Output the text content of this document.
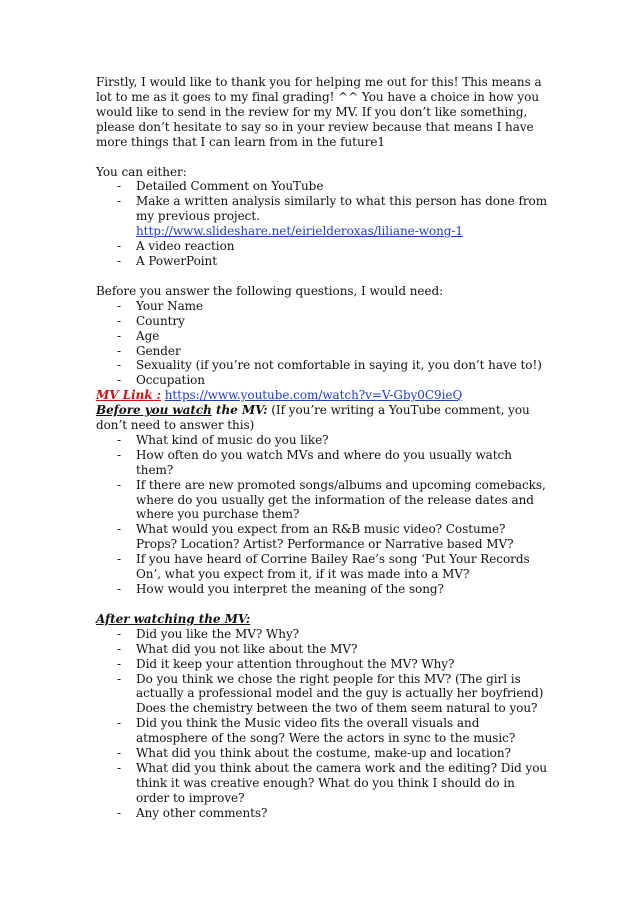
Firstly, I would like to thank you for helping me out for this! This means a lot to me as it goes to my final grading! ^^ You have a choice in how you would like to send in the review for my MV. If you don’t like something, please don’t hesitate to say so in your review because that means I have more things that I can learn from in the future1

You can either:

- Detailed Comment on YouTube
- Make a written analysis similarly to what this person has done from my previous project.
http://www.slideshare.net/eirielderoxas/liliane-wong-1
- A video reaction
- A PowerPoint

Before you answer the following questions, I would need:

- Your Name
- Country
- Age
- Gender
- Sexuality (if you’re not comfortable in saying it, you don’t have to!)
- Occupation

MV Link : https://www.youtube.com/watch?v=V-Gby0C9ieQ

Before you watch the MV: (If you’re writing a YouTube comment, you don’t need to answer this)

- What kind of music do you like?
- How often do you watch MVs and where do you usually watch them?
- If there are new promoted songs/albums and upcoming comebacks, where do you usually get the information of the release dates and where you purchase them?
- What would you expect from an R&B music video? Costume? Props? Location? Artist? Performance or Narrative based MV?
- If you have heard of Corrine Bailey Rae’s song ‘Put Your Records On’, what you expect from it, if it was made into a MV?
- How would you interpret the meaning of the song?

After watching the MV:

- Did you like the MV? Why?
- What did you not like about the MV?
- Did it keep your attention throughout the MV? Why?
- Do you think we chose the right people for this MV? (The girl is actually a professional model and the guy is actually her boyfriend) Does the chemistry between the two of them seem natural to you?
- Did you think the Music video fits the overall visuals and atmosphere of the song? Were the actors in sync to the music?
- What did you think about the costume, make-up and location?
- What did you think about the camera work and the editing? Did you think it was creative enough? What do you think I should do in order to improve?
- Any other comments?
